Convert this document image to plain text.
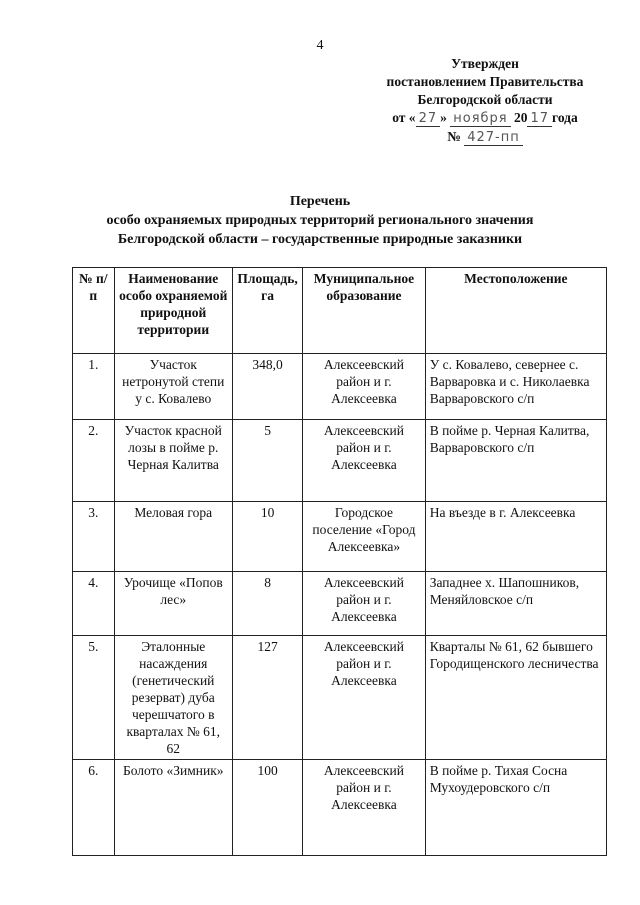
4
Утвержден
постановлением Правительства
Белгородской области
от « 27 » ноября 20 17 года
№ 427-пп
Перечень
особо охраняемых природных территорий регионального значения
Белгородской области – государственные природные заказники
№ п/п	Наименование особо охраняемой природной территории	Площадь, га	Муниципальное образование	Местоположение
1.	Участок нетронутой степи у с. Ковалево	348,0	Алексеевский район и г. Алексеевка	У с. Ковалево, севернее с. Варваровка и с. Николаевка Варваровского с/п
2.	Участок красной лозы в пойме р. Черная Калитва	5	Алексеевский район и г. Алексеевка	В пойме р. Черная Калитва, Варваровского с/п
3.	Меловая гора	10	Городское поселение «Город Алексеевка»	На въезде в г. Алексеевка
4.	Урочище «Попов лес»	8	Алексеевский район и г. Алексеевка	Западнее х. Шапошников, Меняйловское с/п
5.	Эталонные насаждения (генетический резерват) дуба черешчатого в кварталах № 61, 62	127	Алексеевский район и г. Алексеевка	Кварталы № 61, 62 бывшего Городищенского лесничества
6.	Болото «Зимник»	100	Алексеевский район и г. Алексеевка	В пойме р. Тихая Сосна Мухоудеровского с/п
